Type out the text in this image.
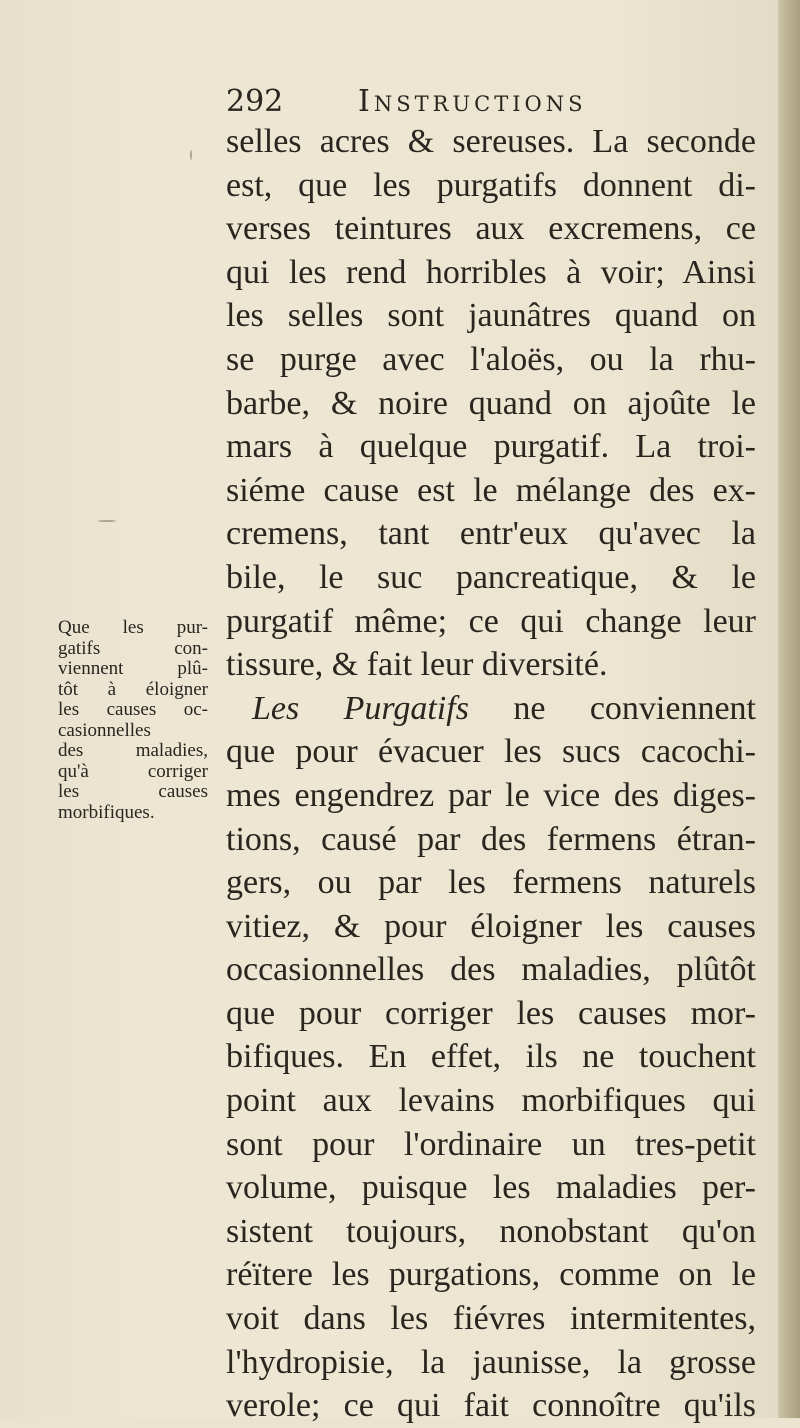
292 Instructions
Que les pur-
gatifs con-
viennent plû-
tôt à éloigner
les causes oc-
casionnelles
des maladies,
qu'à corriger
les causes
morbifiques.
selles acres & sereuses. La seconde
est, que les purgatifs donnent di-
verses teintures aux excremens, ce
qui les rend horribles à voir; Ainsi
les selles sont jaunâtres quand on
se purge avec l'aloës, ou la rhu-
barbe, & noire quand on ajoûte le
mars à quelque purgatif. La troi-
siéme cause est le mélange des ex-
cremens, tant entr'eux qu'avec la
bile, le suc pancreatique, & le
purgatif même; ce qui change leur
tissure, & fait leur diversité.
Les Purgatifs ne conviennent
que pour évacuer les sucs cacochi-
mes engendrez par le vice des diges-
tions, causé par des fermens étran-
gers, ou par les fermens naturels
vitiez, & pour éloigner les causes
occasionnelles des maladies, plûtôt
que pour corriger les causes mor-
bifiques. En effet, ils ne touchent
point aux levains morbifiques qui
sont pour l'ordinaire un tres-petit
volume, puisque les maladies per-
sistent toujours, nonobstant qu'on
réïtere les purgations, comme on le
voit dans les fiévres intermitentes,
l'hydropisie, la jaunisse, la grosse
verole; ce qui fait connoître qu'ils
